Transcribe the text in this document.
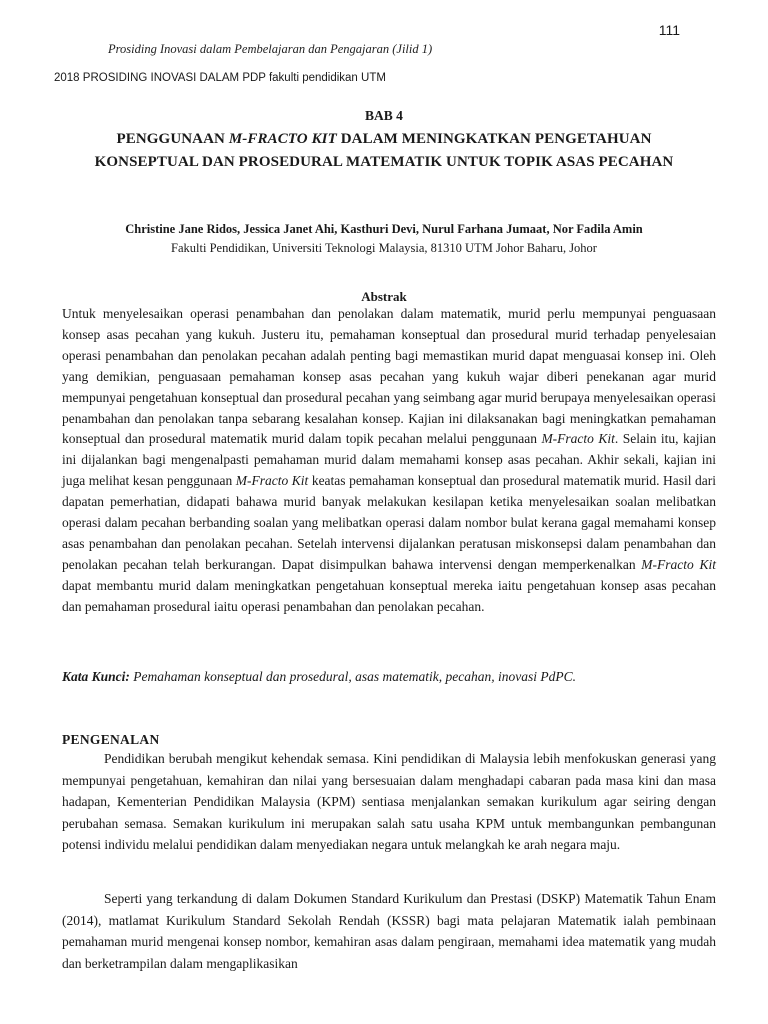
111
Prosiding Inovasi dalam Pembelajaran dan Pengajaran (Jilid 1)
2018 PROSIDING INOVASI DALAM PDP fakulti pendidikan UTM
BAB 4
PENGGUNAAN M-FRACTO KIT DALAM MENINGKATKAN PENGETAHUAN KONSEPTUAL DAN PROSEDURAL MATEMATIK UNTUK TOPIK ASAS PECAHAN
Christine Jane Ridos, Jessica Janet Ahi, Kasthuri Devi, Nurul Farhana Jumaat, Nor Fadila Amin
Fakulti Pendidikan, Universiti Teknologi Malaysia, 81310 UTM Johor Baharu, Johor
Abstrak
Untuk menyelesaikan operasi penambahan dan penolakan dalam matematik, murid perlu mempunyai penguasaan konsep asas pecahan yang kukuh. Justeru itu, pemahaman konseptual dan prosedural murid terhadap penyelesaian operasi penambahan dan penolakan pecahan adalah penting bagi memastikan murid dapat menguasai konsep ini. Oleh yang demikian, penguasaan pemahaman konsep asas pecahan yang kukuh wajar diberi penekanan agar murid mempunyai pengetahuan konseptual dan prosedural pecahan yang seimbang agar murid berupaya menyelesaikan operasi penambahan dan penolakan tanpa sebarang kesalahan konsep. Kajian ini dilaksanakan bagi meningkatkan pemahaman konseptual dan prosedural matematik murid dalam topik pecahan melalui penggunaan M-Fracto Kit. Selain itu, kajian ini dijalankan bagi mengenalpasti pemahaman murid dalam memahami konsep asas pecahan. Akhir sekali, kajian ini juga melihat kesan penggunaan M-Fracto Kit keatas pemahaman konseptual dan prosedural matematik murid. Hasil dari dapatan pemerhatian, didapati bahawa murid banyak melakukan kesilapan ketika menyelesaikan soalan melibatkan operasi dalam pecahan berbanding soalan yang melibatkan operasi dalam nombor bulat kerana gagal memahami konsep asas penambahan dan penolakan pecahan. Setelah intervensi dijalankan peratusan miskonsepsi dalam penambahan dan penolakan pecahan telah berkurangan. Dapat disimpulkan bahawa intervensi dengan memperkenalkan M-Fracto Kit dapat membantu murid dalam meningkatkan pengetahuan konseptual mereka iaitu pengetahuan konsep asas pecahan dan pemahaman prosedural iaitu operasi penambahan dan penolakan pecahan.
Kata Kunci: Pemahaman konseptual dan prosedural, asas matematik, pecahan, inovasi PdPC.
PENGENALAN
Pendidikan berubah mengikut kehendak semasa. Kini pendidikan di Malaysia lebih menfokuskan generasi yang mempunyai pengetahuan, kemahiran dan nilai yang bersesuaian dalam menghadapi cabaran pada masa kini dan masa hadapan, Kementerian Pendidikan Malaysia (KPM) sentiasa menjalankan semakan kurikulum agar seiring dengan perubahan semasa. Semakan kurikulum ini merupakan salah satu usaha KPM untuk membangunkan pembangunan potensi individu melalui pendidikan dalam menyediakan negara untuk melangkah ke arah negara maju.
Seperti yang terkandung di dalam Dokumen Standard Kurikulum dan Prestasi (DSKP) Matematik Tahun Enam (2014), matlamat Kurikulum Standard Sekolah Rendah (KSSR) bagi mata pelajaran Matematik ialah pembinaan pemahaman murid mengenai konsep nombor, kemahiran asas dalam pengiraan, memahami idea matematik yang mudah dan berketrampilan dalam mengaplikasikan
